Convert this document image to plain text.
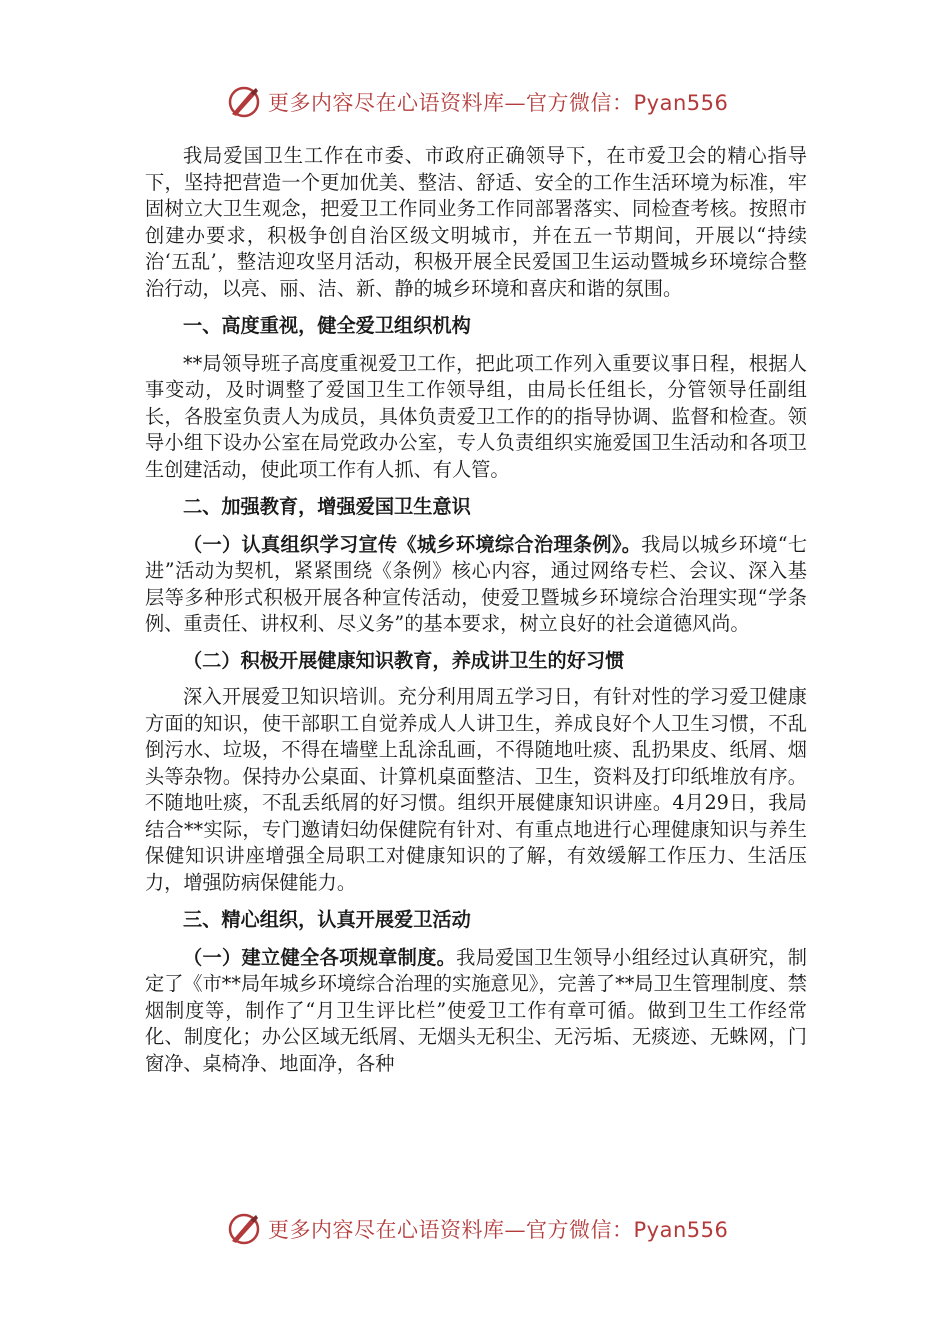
更多内容尽在心语资料库—官方微信：Pyan556

我局爱国卫生工作在市委、市政府正确领导下，在市爱卫会的精心指导下，坚持把营造一个更加优美、整洁、舒适、安全的工作生活环境为标准，牢固树立大卫生观念，把爱卫工作同业务工作同部署落实、同检查考核。按照市创建办要求，积极争创自治区级文明城市，并在五一节期间，开展以“持续治‘五乱’，整洁迎攻坚月活动，积极开展全民爱国卫生运动暨城乡环境综合整治行动，以亮、丽、洁、新、静的城乡环境和喜庆和谐的氛围。

一、高度重视，健全爱卫组织机构

**局领导班子高度重视爱卫工作，把此项工作列入重要议事日程，根据人事变动，及时调整了爱国卫生工作领导组，由局长任组长，分管领导任副组长，各股室负责人为成员，具体负责爱卫工作的的指导协调、监督和检查。领导小组下设办公室在局党政办公室，专人负责组织实施爱国卫生活动和各项卫生创建活动，使此项工作有人抓、有人管。

二、加强教育，增强爱国卫生意识

（一）认真组织学习宣传《城乡环境综合治理条例》。我局以城乡环境“七进”活动为契机，紧紧围绕《条例》核心内容，通过网络专栏、会议、深入基层等多种形式积极开展各种宣传活动，使爱卫暨城乡环境综合治理实现“学条例、重责任、讲权利、尽义务”的基本要求，树立良好的社会道德风尚。

（二）积极开展健康知识教育，养成讲卫生的好习惯

深入开展爱卫知识培训。充分利用周五学习日，有针对性的学习爱卫健康方面的知识，使干部职工自觉养成人人讲卫生，养成良好个人卫生习惯，不乱倒污水、垃圾，不得在墙壁上乱涂乱画，不得随地吐痰、乱扔果皮、纸屑、烟头等杂物。保持办公桌面、计算机桌面整洁、卫生，资料及打印纸堆放有序。不随地吐痰，不乱丢纸屑的好习惯。组织开展健康知识讲座。4月29日，我局结合**实际，专门邀请妇幼保健院有针对、有重点地进行心理健康知识与养生保健知识讲座增强全局职工对健康知识的了解，有效缓解工作压力、生活压力，增强防病保健能力。

三、精心组织，认真开展爱卫活动

（一）建立健全各项规章制度。我局爱国卫生领导小组经过认真研究，制定了《市**局年城乡环境综合治理的实施意见》，完善了**局卫生管理制度、禁烟制度等，制作了“月卫生评比栏”使爱卫工作有章可循。做到卫生工作经常化、制度化；办公区域无纸屑、无烟头无积尘、无污垢、无痰迹、无蛛网，门窗净、桌椅净、地面净，各种

更多内容尽在心语资料库—官方微信：Pyan556
